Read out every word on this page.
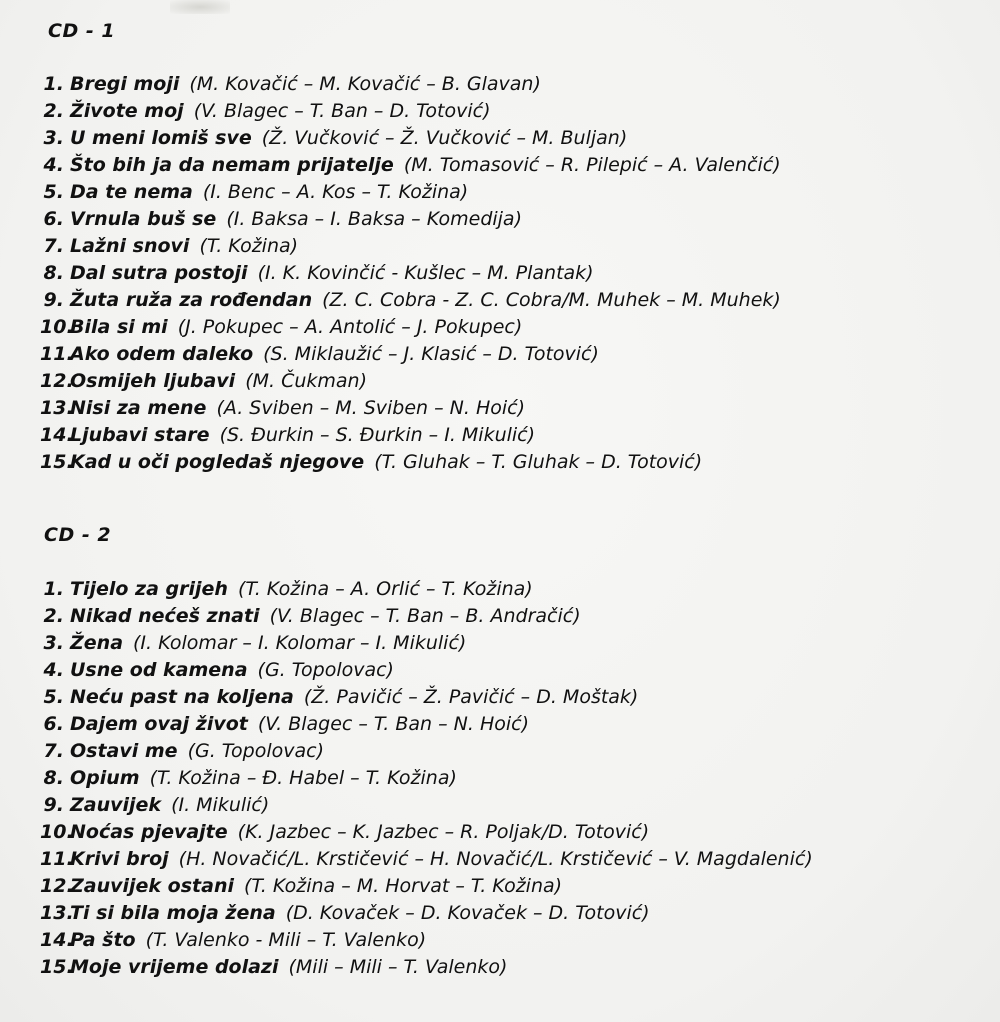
CD - 1
1. Bregi moji (M. Kovačić – M. Kovačić – B. Glavan)
2. Živote moj (V. Blagec – T. Ban – D. Totović)
3. U meni lomiš sve (Ž. Vučković – Ž. Vučković – M. Buljan)
4. Što bih ja da nemam prijatelje (M. Tomasović – R. Pilepić – A. Valenčić)
5. Da te nema (I. Benc – A. Kos – T. Kožina)
6. Vrnula buš se (I. Baksa – I. Baksa – Komedija)
7. Lažni snovi (T. Kožina)
8. Dal sutra postoji (I. K. Kovinčić - Kušlec – M. Plantak)
9. Žuta ruža za rođendan (Z. C. Cobra - Z. C. Cobra/M. Muhek – M. Muhek)
10.Bila si mi (J. Pokupec – A. Antolić – J. Pokupec)
11.Ako odem daleko (S. Miklaužić – J. Klasić – D. Totović)
12.Osmijeh ljubavi (M. Čukman)
13.Nisi za mene (A. Sviben – M. Sviben – N. Hoić)
14.Ljubavi stare (S. Đurkin – S. Đurkin – I. Mikulić)
15.Kad u oči pogledaš njegove (T. Gluhak – T. Gluhak – D. Totović)
CD - 2
1. Tijelo za grijeh (T. Kožina – A. Orlić – T. Kožina)
2. Nikad nećeš znati (V. Blagec – T. Ban – B. Andračić)
3. Žena (I. Kolomar – I. Kolomar – I. Mikulić)
4. Usne od kamena (G. Topolovac)
5. Neću past na koljena (Ž. Pavičić – Ž. Pavičić – D. Moštak)
6. Dajem ovaj život (V. Blagec – T. Ban – N. Hoić)
7. Ostavi me (G. Topolovac)
8. Opium (T. Kožina – Đ. Habel – T. Kožina)
9. Zauvijek (I. Mikulić)
10.Noćas pjevajte (K. Jazbec – K. Jazbec – R. Poljak/D. Totović)
11.Krivi broj (H. Novačić/L. Krstičević – H. Novačić/L. Krstičević – V. Magdalenić)
12.Zauvijek ostani (T. Kožina – M. Horvat – T. Kožina)
13.Ti si bila moja žena (D. Kovaček – D. Kovaček – D. Totović)
14.Pa što (T. Valenko - Mili – T. Valenko)
15.Moje vrijeme dolazi (Mili – Mili – T. Valenko)
